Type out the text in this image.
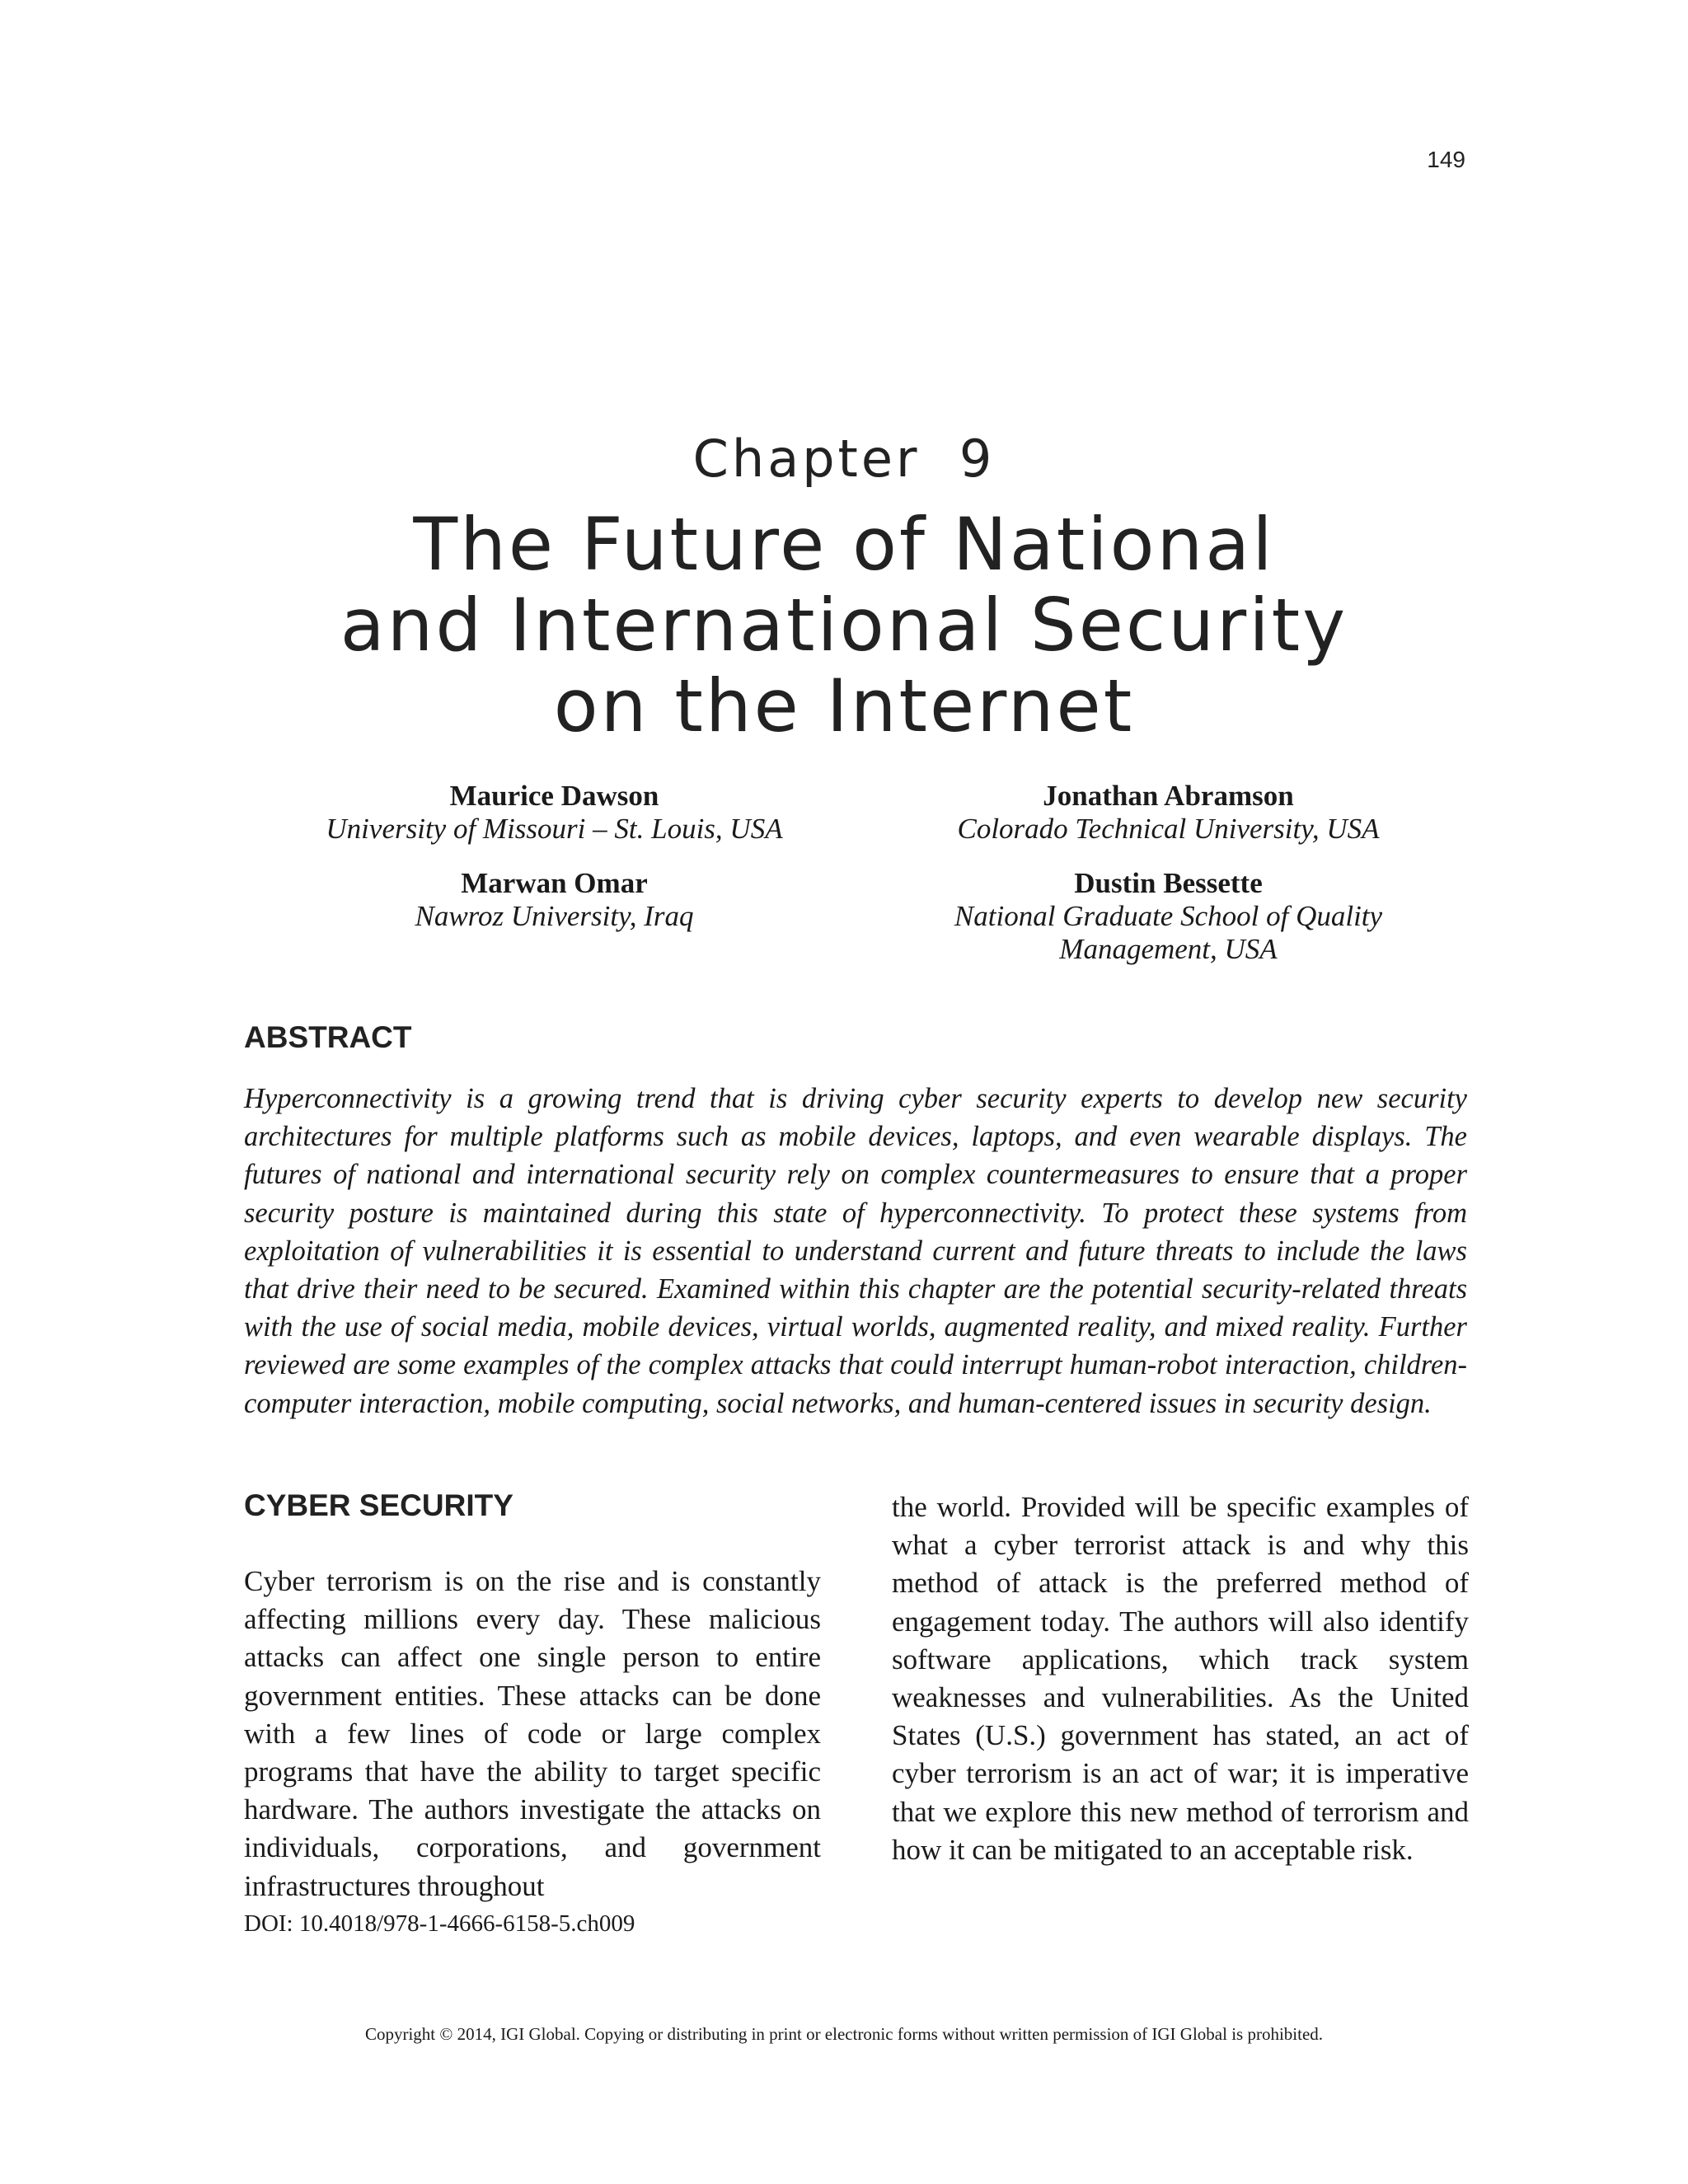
149
Chapter  9
The Future of National
and International Security
on the Internet
Maurice Dawson
University of Missouri – St. Louis, USA
Jonathan Abramson
Colorado Technical University, USA
Marwan Omar
Nawroz University, Iraq
Dustin Bessette
National Graduate School of Quality
Management, USA
ABSTRACT

Hyperconnectivity is a growing trend that is driving cyber security experts to develop new security architectures for multiple platforms such as mobile devices, laptops, and even wearable displays. The futures of national and international security rely on complex countermeasures to ensure that a proper security posture is maintained during this state of hyperconnectivity. To protect these systems from exploitation of vulnerabilities it is essential to understand current and future threats to include the laws that drive their need to be secured. Examined within this chapter are the potential security-related threats with the use of social media, mobile devices, virtual worlds, augmented reality, and mixed reality. Further reviewed are some examples of the complex attacks that could interrupt human-robot interaction, children-computer interaction, mobile computing, social networks, and human-centered issues in security design.

CYBER SECURITY

Cyber terrorism is on the rise and is constantly affecting millions every day. These malicious attacks can affect one single person to entire government entities. These attacks can be done with a few lines of code or large complex programs that have the ability to target specific hardware. The authors investigate the attacks on individuals, corporations, and government infrastructures throughout

the world. Provided will be specific examples of what a cyber terrorist attack is and why this method of attack is the preferred method of engagement today. The authors will also identify software applications, which track system weaknesses and vulnerabilities. As the United States (U.S.) government has stated, an act of cyber terrorism is an act of war; it is imperative that we explore this new method of terrorism and how it can be mitigated to an acceptable risk.

DOI: 10.4018/978-1-4666-6158-5.ch009
Copyright © 2014, IGI Global. Copying or distributing in print or electronic forms without written permission of IGI Global is prohibited.
